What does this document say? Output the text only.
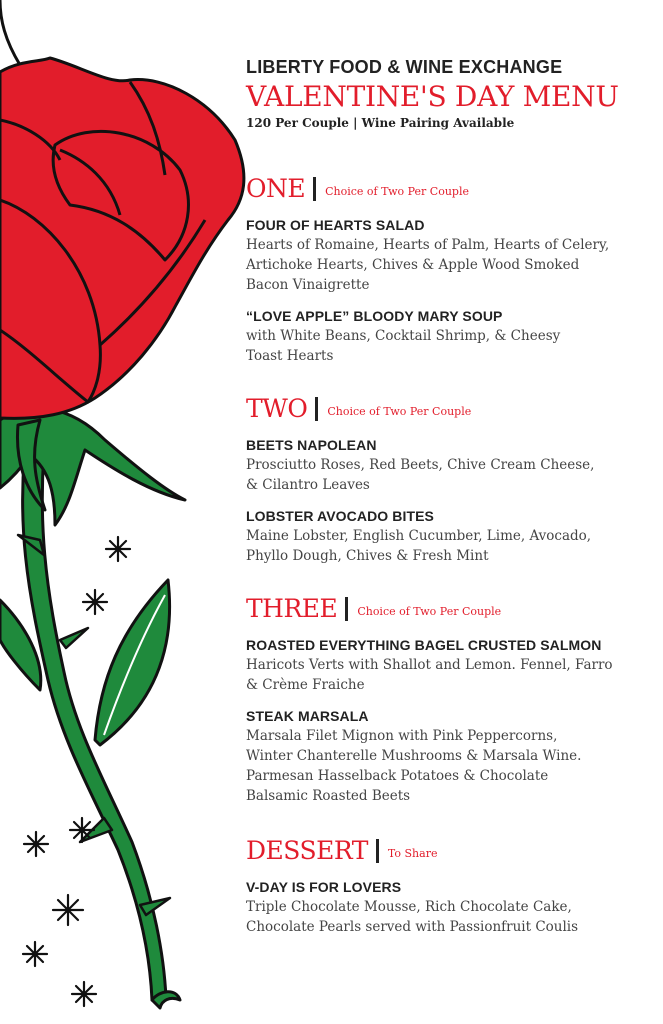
LIBERTY FOOD & WINE EXCHANGE
VALENTINE'S DAY MENU
120 Per Couple | Wine Pairing Available
ONE Choice of Two Per Couple
FOUR OF HEARTS SALAD
Hearts of Romaine, Hearts of Palm, Hearts of Celery,
Artichoke Hearts, Chives & Apple Wood Smoked
Bacon Vinaigrette
“LOVE APPLE” BLOODY MARY SOUP
with White Beans, Cocktail Shrimp, & Cheesy
Toast Hearts
TWO Choice of Two Per Couple
BEETS NAPOLEAN
Prosciutto Roses, Red Beets, Chive Cream Cheese,
& Cilantro Leaves
LOBSTER AVOCADO BITES
Maine Lobster, English Cucumber, Lime, Avocado,
Phyllo Dough, Chives & Fresh Mint
THREE Choice of Two Per Couple
ROASTED EVERYTHING BAGEL CRUSTED SALMON
Haricots Verts with Shallot and Lemon. Fennel, Farro
& Crème Fraiche
STEAK MARSALA
Marsala Filet Mignon with Pink Peppercorns,
Winter Chanterelle Mushrooms & Marsala Wine.
Parmesan Hasselback Potatoes & Chocolate
Balsamic Roasted Beets
DESSERT To Share
V-DAY IS FOR LOVERS
Triple Chocolate Mousse, Rich Chocolate Cake,
Chocolate Pearls served with Passionfruit Coulis
